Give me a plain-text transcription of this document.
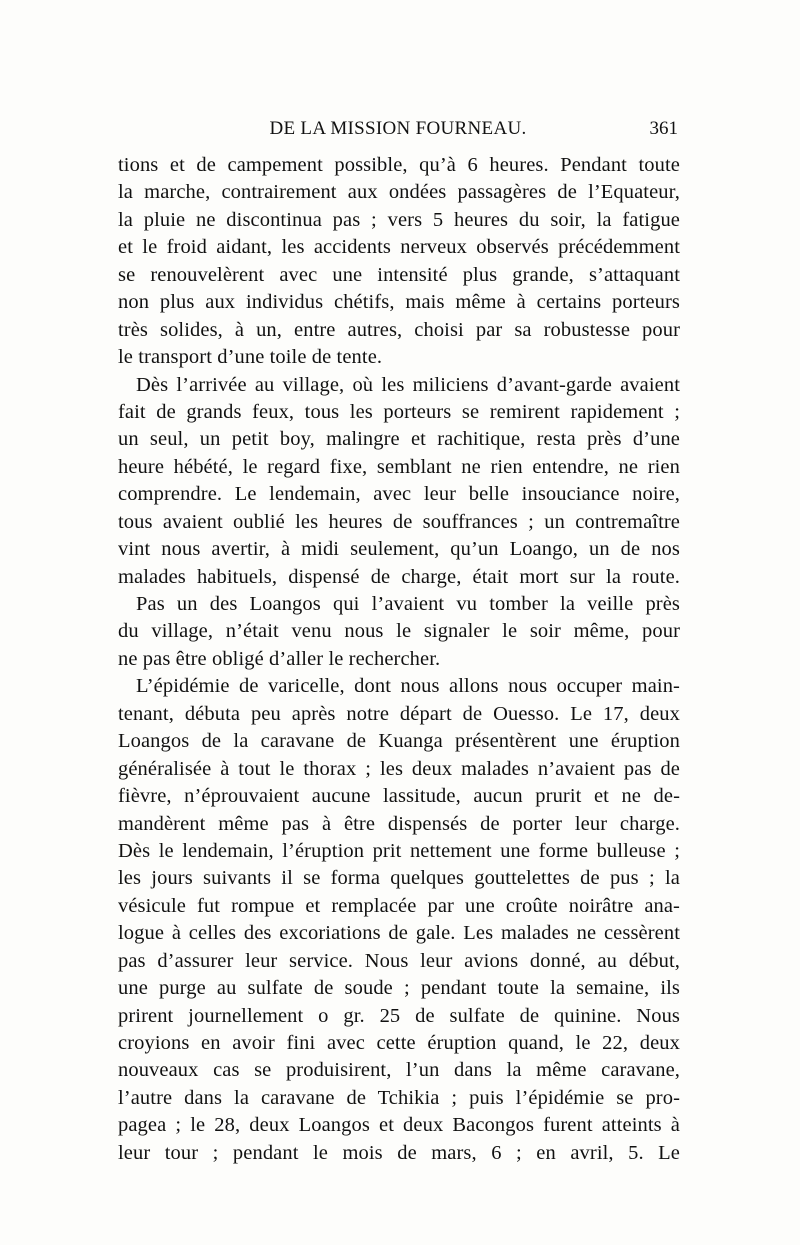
DE LA MISSION FOURNEAU.	361
tions et de campement possible, qu’à 6 heures. Pendant toute
la marche, contrairement aux ondées passagères de l’Equateur,
la pluie ne discontinua pas ; vers 5 heures du soir, la fatigue
et le froid aidant, les accidents nerveux observés précédemment
se renouvelèrent avec une intensité plus grande, s’attaquant
non plus aux individus chétifs, mais même à certains porteurs
très solides, à un, entre autres, choisi par sa robustesse pour
le transport d’une toile de tente.
Dès l’arrivée au village, où les miliciens d’avant-garde avaient
fait de grands feux, tous les porteurs se remirent rapidement ;
un seul, un petit boy, malingre et rachitique, resta près d’une
heure hébété, le regard fixe, semblant ne rien entendre, ne rien
comprendre. Le lendemain, avec leur belle insouciance noire,
tous avaient oublié les heures de souffrances ; un contremaître
vint nous avertir, à midi seulement, qu’un Loango, un de nos
malades habituels, dispensé de charge, était mort sur la route.
Pas un des Loangos qui l’avaient vu tomber la veille près
du village, n’était venu nous le signaler le soir même, pour
ne pas être obligé d’aller le rechercher.
L’épidémie de varicelle, dont nous allons nous occuper main-
tenant, débuta peu après notre départ de Ouesso. Le 17, deux
Loangos de la caravane de Kuanga présentèrent une éruption
généralisée à tout le thorax ; les deux malades n’avaient pas de
fièvre, n’éprouvaient aucune lassitude, aucun prurit et ne de-
mandèrent même pas à être dispensés de porter leur charge.
Dès le lendemain, l’éruption prit nettement une forme bulleuse ;
les jours suivants il se forma quelques gouttelettes de pus ; la
vésicule fut rompue et remplacée par une croûte noirâtre ana-
logue à celles des excoriations de gale. Les malades ne cessèrent
pas d’assurer leur service. Nous leur avions donné, au début,
une purge au sulfate de soude ; pendant toute la semaine, ils
prirent journellement o gr. 25 de sulfate de quinine. Nous
croyions en avoir fini avec cette éruption quand, le 22, deux
nouveaux cas se produisirent, l’un dans la même caravane,
l’autre dans la caravane de Tchikia ; puis l’épidémie se pro-
pagea ; le 28, deux Loangos et deux Bacongos furent atteints à
leur tour ; pendant le mois de mars, 6 ; en avril, 5. Le
